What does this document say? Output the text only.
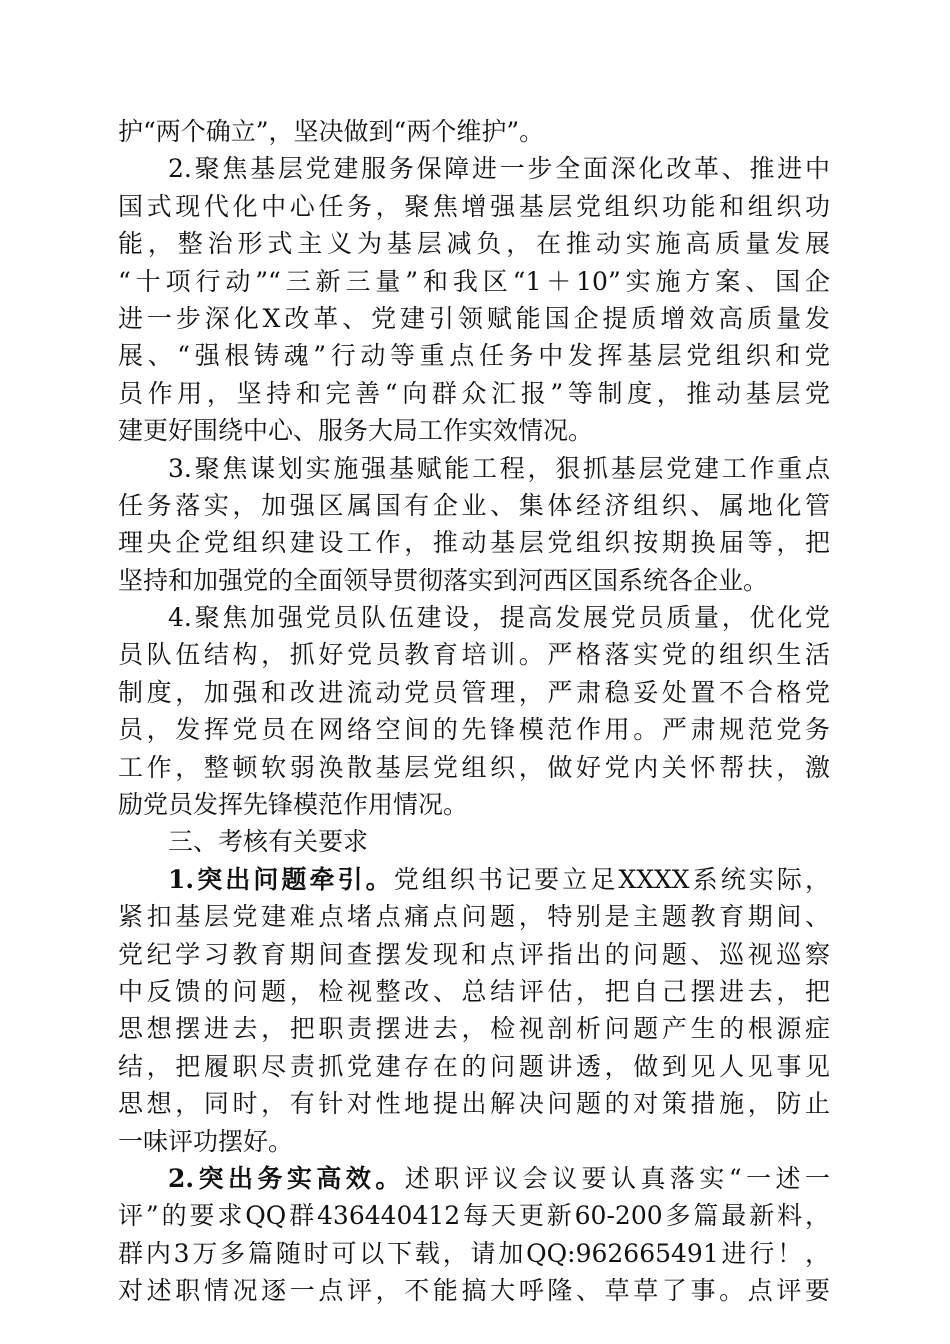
护“两个确立”，坚决做到“两个维护”。
2.聚焦基层党建服务保障进一步全面深化改革、推进中
国式现代化中心任务，聚焦增强基层党组织功能和组织功
能，整治形式主义为基层减负，在推动实施高质量发展
“十项行动”“三新三量”和我区“1＋10”实施方案、国企
进一步深化X改革、党建引领赋能国企提质增效高质量发
展、“强根铸魂”行动等重点任务中发挥基层党组织和党
员作用，坚持和完善“向群众汇报”等制度，推动基层党
建更好围绕中心、服务大局工作实效情况。
3.聚焦谋划实施强基赋能工程，狠抓基层党建工作重点
任务落实，加强区属国有企业、集体经济组织、属地化管
理央企党组织建设工作，推动基层党组织按期换届等，把
坚持和加强党的全面领导贯彻落实到河西区国系统各企业。
4.聚焦加强党员队伍建设，提高发展党员质量，优化党
员队伍结构，抓好党员教育培训。严格落实党的组织生活
制度，加强和改进流动党员管理，严肃稳妥处置不合格党
员，发挥党员在网络空间的先锋模范作用。严肃规范党务
工作，整顿软弱涣散基层党组织，做好党内关怀帮扶，激
励党员发挥先锋模范作用情况。
三、考核有关要求
1.突出问题牵引。党组织书记要立足XXXX系统实际，
紧扣基层党建难点堵点痛点问题，特别是主题教育期间、
党纪学习教育期间查摆发现和点评指出的问题、巡视巡察
中反馈的问题，检视整改、总结评估，把自己摆进去，把
思想摆进去，把职责摆进去，检视剖析问题产生的根源症
结，把履职尽责抓党建存在的问题讲透，做到见人见事见
思想，同时，有针对性地提出解决问题的对策措施，防止
一味评功摆好。
2.突出务实高效。述职评议会议要认真落实“一述一
评”的要求QQ群436440412每天更新60-200多篇最新料，
群内3万多篇随时可以下载，请加QQ:962665491进行！，
对述职情况逐一点评，不能搞大呼隆、草草了事。点评要
